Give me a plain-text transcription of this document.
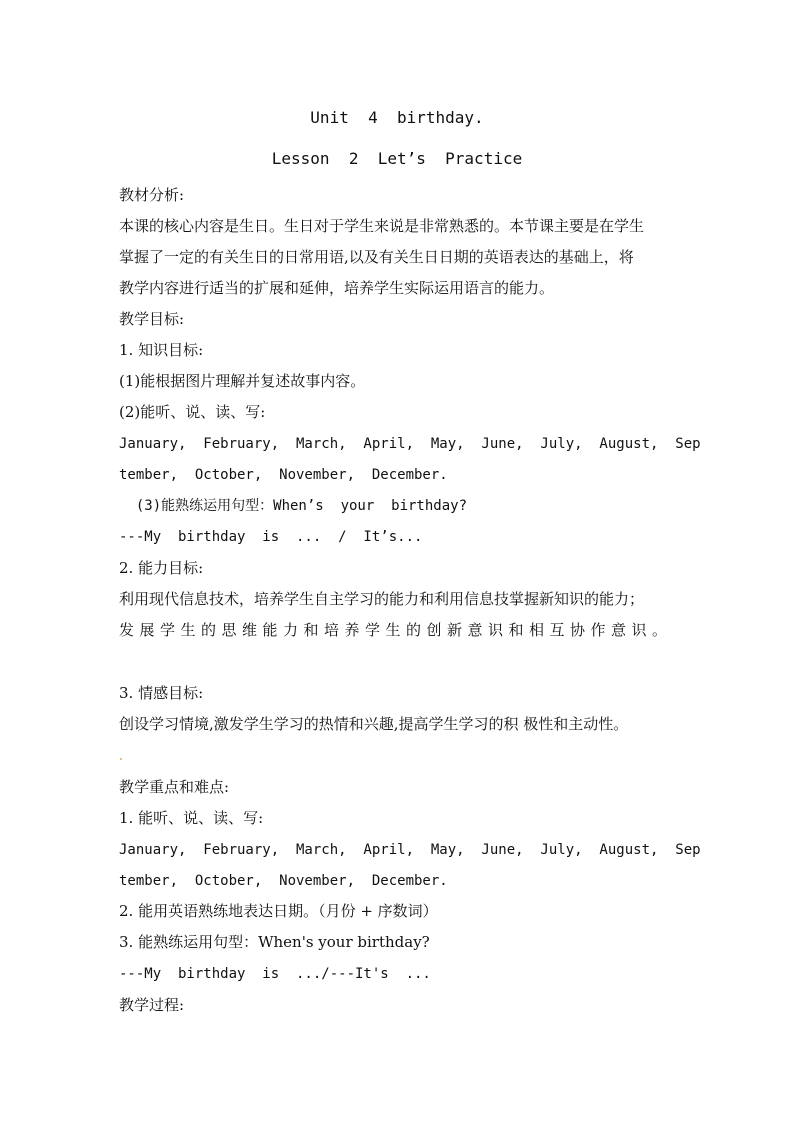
Unit  4  birthday.
Lesson  2  Let’s  Practice
教材分析:
本课的核心内容是生日。生日对于学生来说是非常熟悉的。本节课主要是在学生
掌握了一定的有关生日的日常用语,以及有关生日日期的英语表达的基础上，将
教学内容进行适当的扩展和延伸，培养学生实际运用语言的能力。
教学目标:
1. 知识目标:
(1)能根据图片理解并复述故事内容。
(2)能听、说、读、写:
January,  February,  March,  April,  May,  June,  July,  August,  Sep
tember,  October,  November,  December.
(3)能熟练运用句型：When’s  your  birthday?
---My  birthday  is  ...  /  It’s...
2. 能力目标:
利用现代信息技术，培养学生自主学习的能力和利用信息技掌握新知识的能力；
发展学生的思维能力和培养学生的创新意识和相互协作意识。
3. 情感目标:
创设学习情境,激发学生学习的热情和兴趣,提高学生学习的积 极性和主动性。
教学重点和难点:
1. 能听、说、读、写:
January,  February,  March,  April,  May,  June,  July,  August,  Sep
tember,  October,  November,  December.
2. 能用英语熟练地表达日期。（月份 + 序数词）
3. 能熟练运用句型：When's your birthday?
---My  birthday  is  .../---It's  ...
教学过程:
